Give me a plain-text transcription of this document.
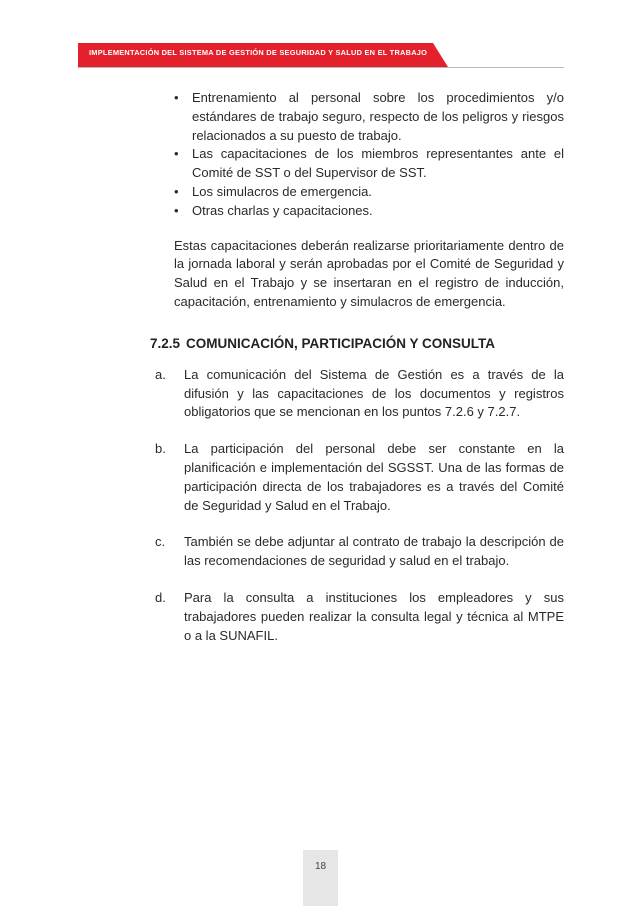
IMPLEMENTACIÓN DEL SISTEMA DE GESTIÓN DE SEGURIDAD Y SALUD EN EL TRABAJO
• Entrenamiento al personal sobre los procedimientos y/o estándares de trabajo seguro, respecto de los peligros y riesgos relacionados a su puesto de trabajo.
• Las capacitaciones de los miembros representantes ante el Comité de SST o del Supervisor de SST.
• Los simulacros de emergencia.
• Otras charlas y capacitaciones.

Estas capacitaciones deberán realizarse prioritariamente dentro de la jornada laboral y serán aprobadas por el Comité de Seguridad y Salud en el Trabajo y se insertaran en el registro de inducción, capacitación, entrenamiento y simulacros de emergencia.

7.2.5 COMUNICACIÓN, PARTICIPACIÓN Y CONSULTA
a. La comunicación del Sistema de Gestión es a través de la difusión y las capacitaciones de los documentos y registros obligatorios que se mencionan en los puntos 7.2.6 y 7.2.7.
b. La participación del personal debe ser constante en la planificación e implementación del SGSST. Una de las formas de participación directa de los trabajadores es a través del Comité de Seguridad y Salud en el Trabajo.
c. También se debe adjuntar al contrato de trabajo la descripción de las recomendaciones de seguridad y salud en el trabajo.
d. Para la consulta a instituciones los empleadores y sus trabajadores pueden realizar la consulta legal y técnica al MTPE o a la SUNAFIL.
18
